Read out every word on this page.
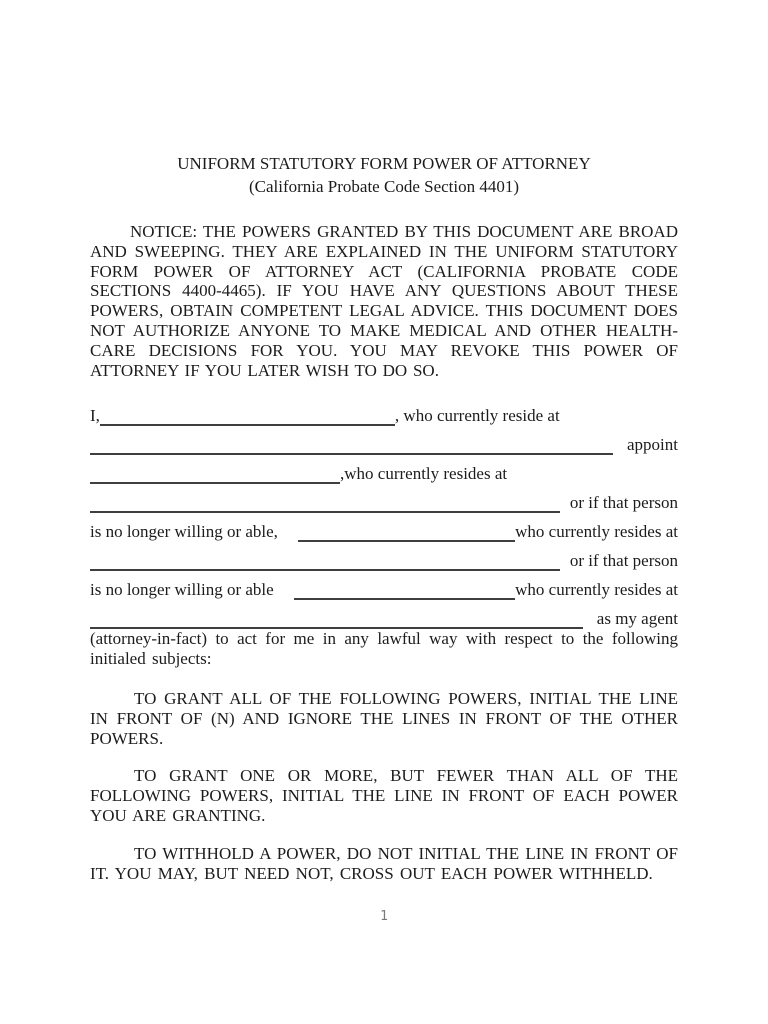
UNIFORM STATUTORY FORM POWER OF ATTORNEY
(California Probate Code Section 4401)

NOTICE: THE POWERS GRANTED BY THIS DOCUMENT ARE BROAD AND SWEEPING. THEY ARE EXPLAINED IN THE UNIFORM STATUTORY FORM POWER OF ATTORNEY ACT (CALIFORNIA PROBATE CODE SECTIONS 4400-4465). IF YOU HAVE ANY QUESTIONS ABOUT THESE POWERS, OBTAIN COMPETENT LEGAL ADVICE. THIS DOCUMENT DOES NOT AUTHORIZE ANYONE TO MAKE MEDICAL AND OTHER HEALTH-CARE DECISIONS FOR YOU. YOU MAY REVOKE THIS POWER OF ATTORNEY IF YOU LATER WISH TO DO SO.

I,	, who currently reside at
appoint
,who currently resides at
or if that person
is no longer willing or able,	who currently resides at
or if that person
is no longer willing or able	who currently resides at
as my agent

(attorney-in-fact) to act for me in any lawful way with respect to the following initialed subjects:

TO GRANT ALL OF THE FOLLOWING POWERS, INITIAL THE LINE IN FRONT OF (N) AND IGNORE THE LINES IN FRONT OF THE OTHER POWERS.

TO GRANT ONE OR MORE, BUT FEWER THAN ALL OF THE FOLLOWING POWERS, INITIAL THE LINE IN FRONT OF EACH POWER YOU ARE GRANTING.

TO WITHHOLD A POWER, DO NOT INITIAL THE LINE IN FRONT OF IT. YOU MAY, BUT NEED NOT, CROSS OUT EACH POWER WITHHELD.

1
